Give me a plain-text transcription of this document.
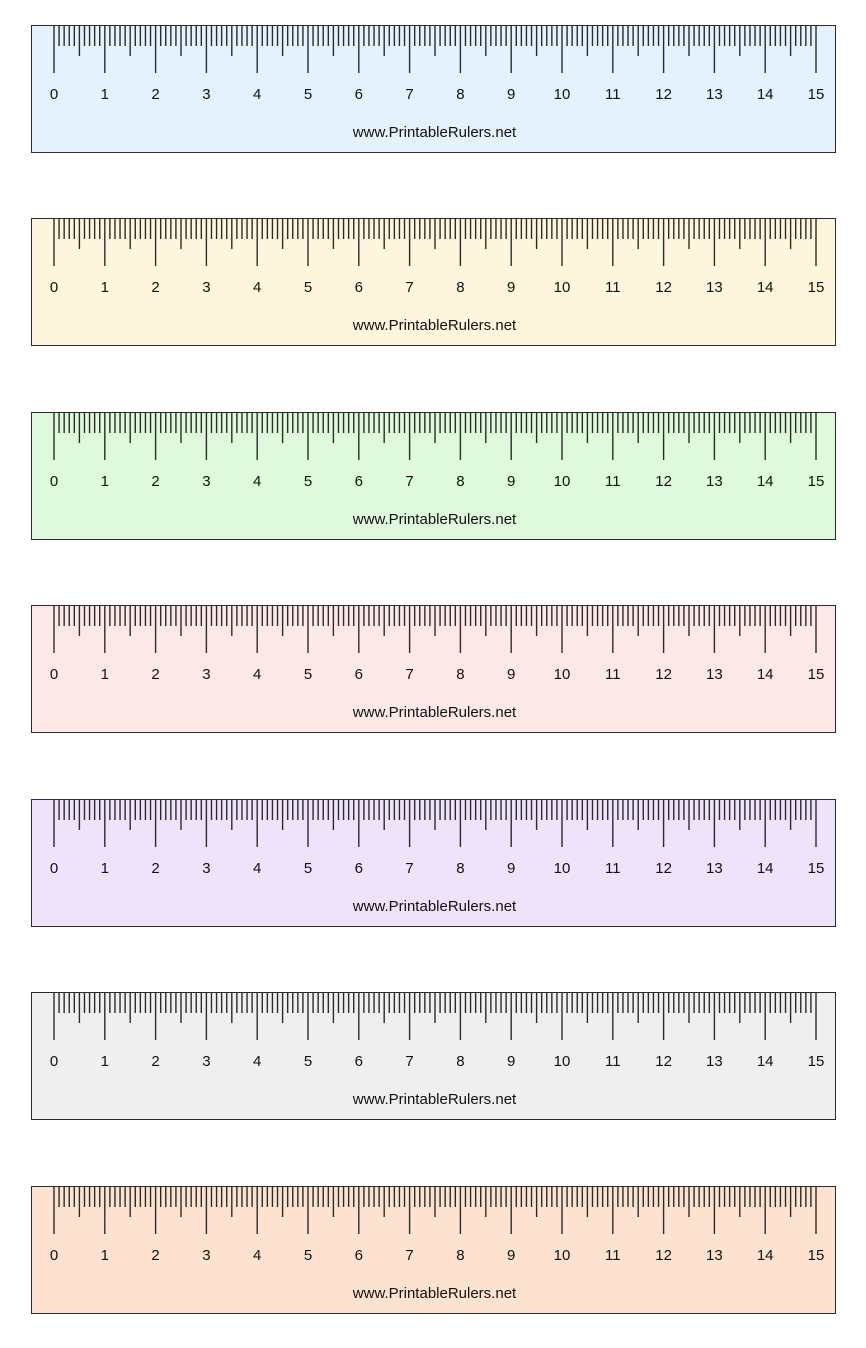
0	1	2	3	4	5	6	7	8	9	10 11 12 13 14 15
www.PrintableRulers.net
0	1	2	3	4	5	6	7	8	9	10 11 12 13 14 15
www.PrintableRulers.net
0	1	2	3	4	5	6	7	8	9	10 11 12 13 14 15
www.PrintableRulers.net
0	1	2	3	4	5	6	7	8	9	10 11 12 13 14 15
www.PrintableRulers.net
0	1	2	3	4	5	6	7	8	9	10 11 12 13 14 15
www.PrintableRulers.net
0	1	2	3	4	5	6	7	8	9	10 11 12 13 14 15
www.PrintableRulers.net
0	1	2	3	4	5	6	7	8	9	10 11 12 13 14 15
www.PrintableRulers.net
